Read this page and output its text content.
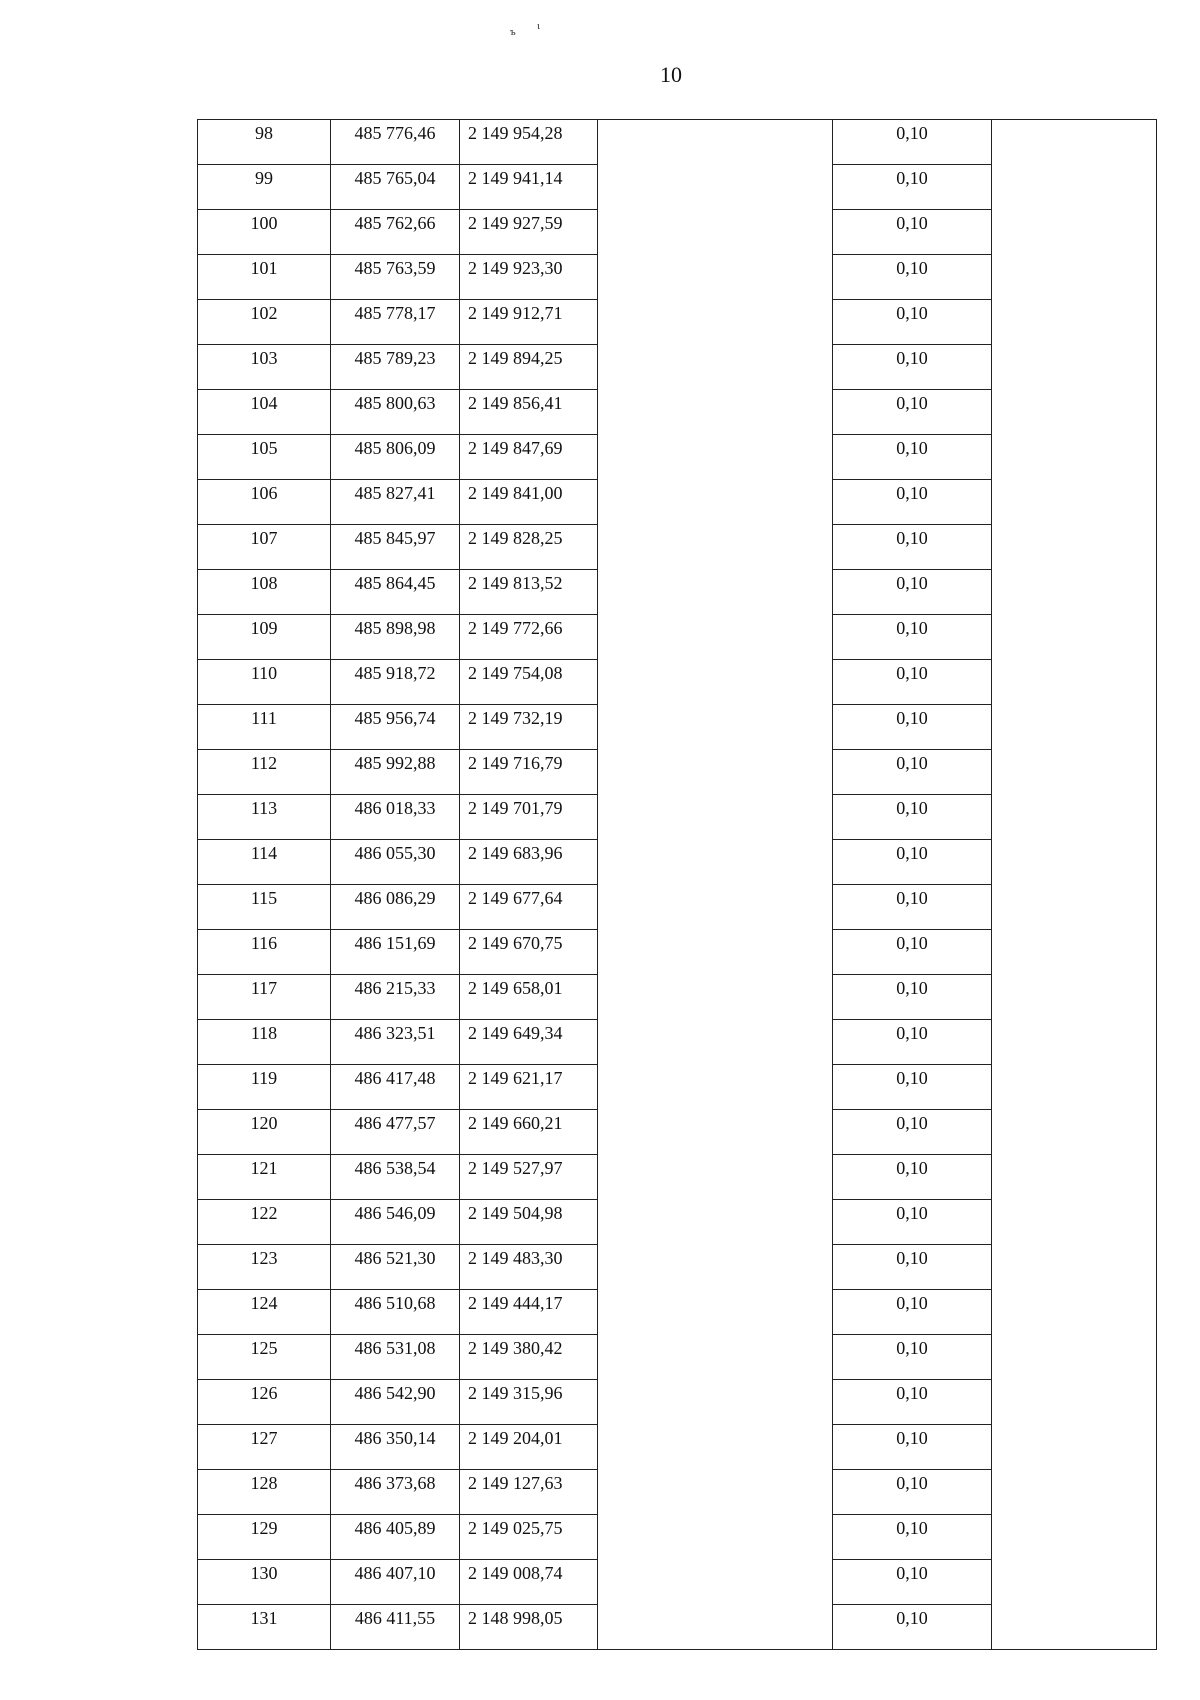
ъ ι
10
98	485 776,46	2 149 954,28		0,10	
99	485 765,04	2 149 941,14		0,10	
100	485 762,66	2 149 927,59		0,10	
101	485 763,59	2 149 923,30		0,10	
102	485 778,17	2 149 912,71		0,10	
103	485 789,23	2 149 894,25		0,10	
104	485 800,63	2 149 856,41		0,10	
105	485 806,09	2 149 847,69		0,10	
106	485 827,41	2 149 841,00		0,10	
107	485 845,97	2 149 828,25		0,10	
108	485 864,45	2 149 813,52		0,10	
109	485 898,98	2 149 772,66		0,10	
110	485 918,72	2 149 754,08		0,10	
111	485 956,74	2 149 732,19		0,10	
112	485 992,88	2 149 716,79		0,10	
113	486 018,33	2 149 701,79		0,10	
114	486 055,30	2 149 683,96		0,10	
115	486 086,29	2 149 677,64		0,10	
116	486 151,69	2 149 670,75		0,10	
117	486 215,33	2 149 658,01		0,10	
118	486 323,51	2 149 649,34		0,10	
119	486 417,48	2 149 621,17		0,10	
120	486 477,57	2 149 660,21		0,10	
121	486 538,54	2 149 527,97		0,10	
122	486 546,09	2 149 504,98		0,10	
123	486 521,30	2 149 483,30		0,10	
124	486 510,68	2 149 444,17		0,10	
125	486 531,08	2 149 380,42		0,10	
126	486 542,90	2 149 315,96		0,10	
127	486 350,14	2 149 204,01		0,10	
128	486 373,68	2 149 127,63		0,10	
129	486 405,89	2 149 025,75		0,10	
130	486 407,10	2 149 008,74		0,10	
131	486 411,55	2 148 998,05		0,10	
